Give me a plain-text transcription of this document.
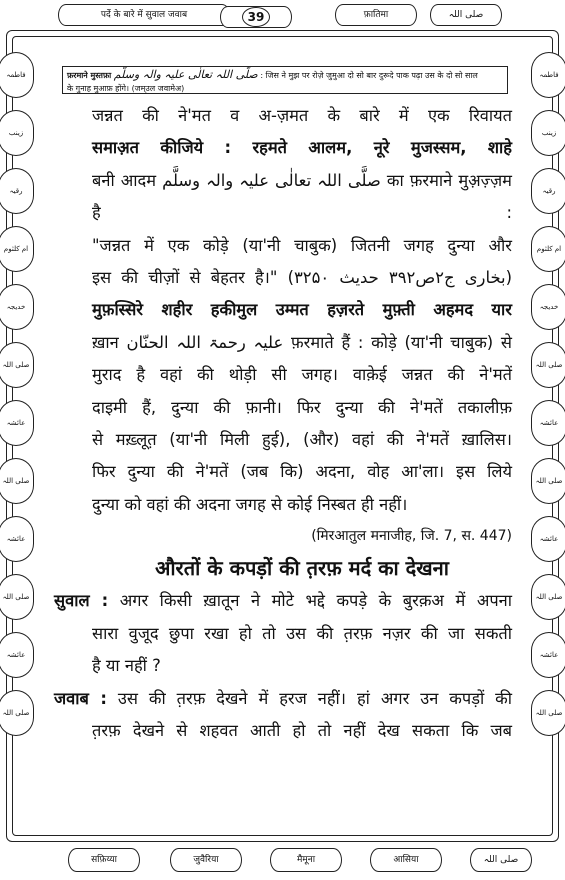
पर्दे के बारे में सुवाल जवाब	39	फ़ातिमा	صلی اللہ
فاطمہ
زینب
رقیہ
ام کلثوم
خدیجہ
صلی اللہ
عائشہ
صلی اللہ
عائشہ
صلی اللہ
عائشہ
صلی اللہ
فاطمہ
زینب
رقیہ
ام کلثوم
خدیجہ
صلی اللہ
عائشہ
صلی اللہ
عائشہ
صلی اللہ
عائشہ
صلی اللہ
फ़रमाने मुस्तफ़ा صلَّی اللہ تعالٰی علیہ والہ وسلَّم : जिस ने मुझ पर रोज़े जुमुआ दो सो बार दुरूदे पाक पढ़ा उस के दो सो साल
के गुनाह मुआफ़ होंगे। (जम्उल जवामेअ)

जन्नत की ने'मत व अ-ज़मत के बारे में एक रिवायत

समाअ़त कीजिये : रहमते आलम, नूरे मुजस्सम, शाहे

बनी आदम صلَّی اللہ تعالٰی علیہ والہ وسلَّم का फ़रमाने मुअ़ज़्ज़म है :

"जन्नत में एक कोड़े (या'नी चाबुक) जितनी जगह दुन्या और

इस की चीज़ों से बेहतर है।" (بخاری ج۲ص۳۹۲ حدیث ۳۲۵۰)

मुफ़स्सिरे शहीर हकीमुल उम्मत हज़रते मुफ़्ती अहमद यार

ख़ान علیہ رحمۃ اللہ الحنّان फ़रमाते हैं : कोड़े (या'नी चाबुक) से

मुराद है वहां की थोड़ी सी जगह। वाक़ेई जन्नत की ने'मतें

दाइमी हैं, दुन्या की फ़ानी। फिर दुन्या की ने'मतें तकालीफ़

से मख़्लूत़ (या'नी मिली हुई), (और) वहां की ने'मतें ख़ालिस।

फिर दुन्या की ने'मतें (जब कि) अदना, वोह आ'ला। इस लिये

दुन्या को वहां की अदना जगह से कोई निस्बत ही नहीं।

(मिरआतुल मनाजीह, जि. 7, स. 447)

औरतों के कपड़ों की त़रफ़ मर्द का देखना

सुवाल : अगर किसी ख़ातून ने मोटे भद्दे कपड़े के बुरक़अ में अपना

सारा वुजूद छुपा रखा हो तो उस की त़रफ़ नज़र की जा सकती

है या नहीं ?

जवाब : उस की त़रफ़ देखने में हरज नहीं। हां अगर उन कपड़ों की

त़रफ़ देखने से शहवत आती हो तो नहीं देख सकता कि जब

सफ़िय्या	जुवैरिया	मैमूना	आसिया	صلی اللہ
